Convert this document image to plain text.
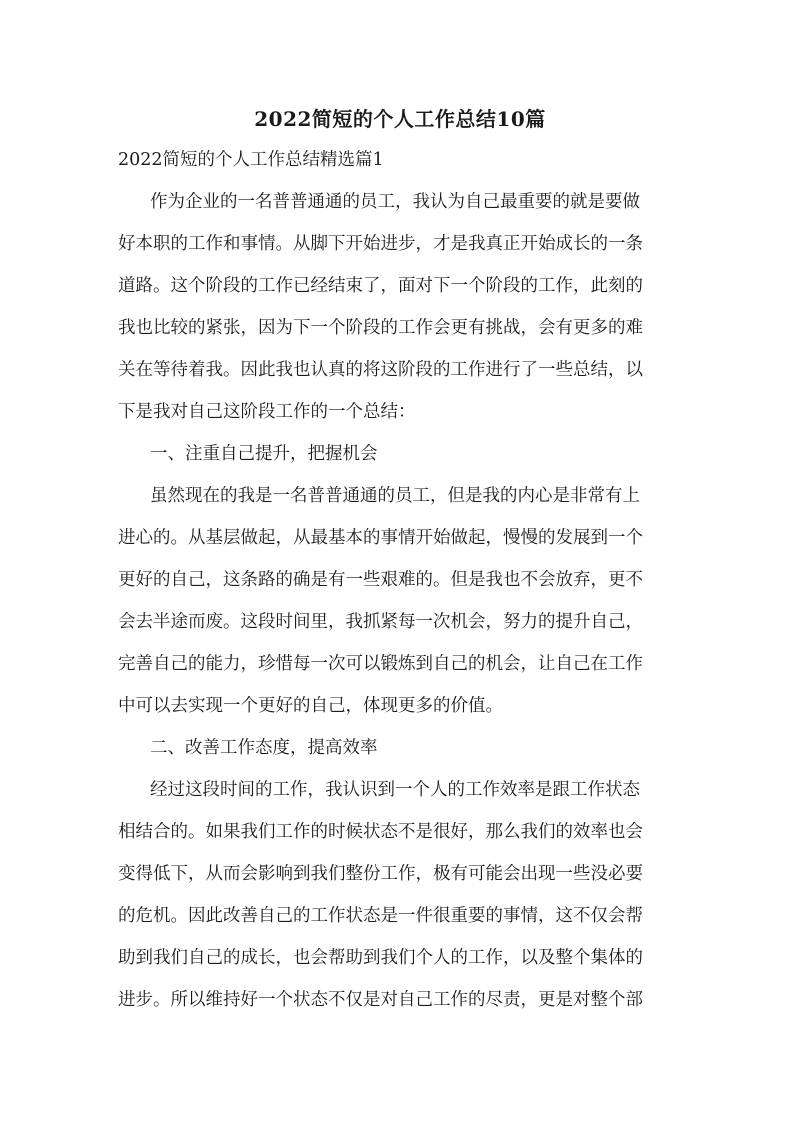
2022简短的个人工作总结10篇
2022简短的个人工作总结精选篇1
作为企业的一名普普通通的员工，我认为自己最重要的就是要做
好本职的工作和事情。从脚下开始进步，才是我真正开始成长的一条
道路。这个阶段的工作已经结束了，面对下一个阶段的工作，此刻的
我也比较的紧张，因为下一个阶段的工作会更有挑战，会有更多的难
关在等待着我。因此我也认真的将这阶段的工作进行了一些总结，以
下是我对自己这阶段工作的一个总结：
一、注重自己提升，把握机会
虽然现在的我是一名普普通通的员工，但是我的内心是非常有上
进心的。从基层做起，从最基本的事情开始做起，慢慢的发展到一个
更好的自己，这条路的确是有一些艰难的。但是我也不会放弃，更不
会去半途而废。这段时间里，我抓紧每一次机会，努力的提升自己，
完善自己的能力，珍惜每一次可以锻炼到自己的机会，让自己在工作
中可以去实现一个更好的自己，体现更多的价值。
二、改善工作态度，提高效率
经过这段时间的工作，我认识到一个人的工作效率是跟工作状态
相结合的。如果我们工作的时候状态不是很好，那么我们的效率也会
变得低下，从而会影响到我们整份工作，极有可能会出现一些没必要
的危机。因此改善自己的工作状态是一件很重要的事情，这不仅会帮
助到我们自己的成长，也会帮助到我们个人的工作，以及整个集体的
进步。所以维持好一个状态不仅是对自己工作的尽责，更是对整个部
